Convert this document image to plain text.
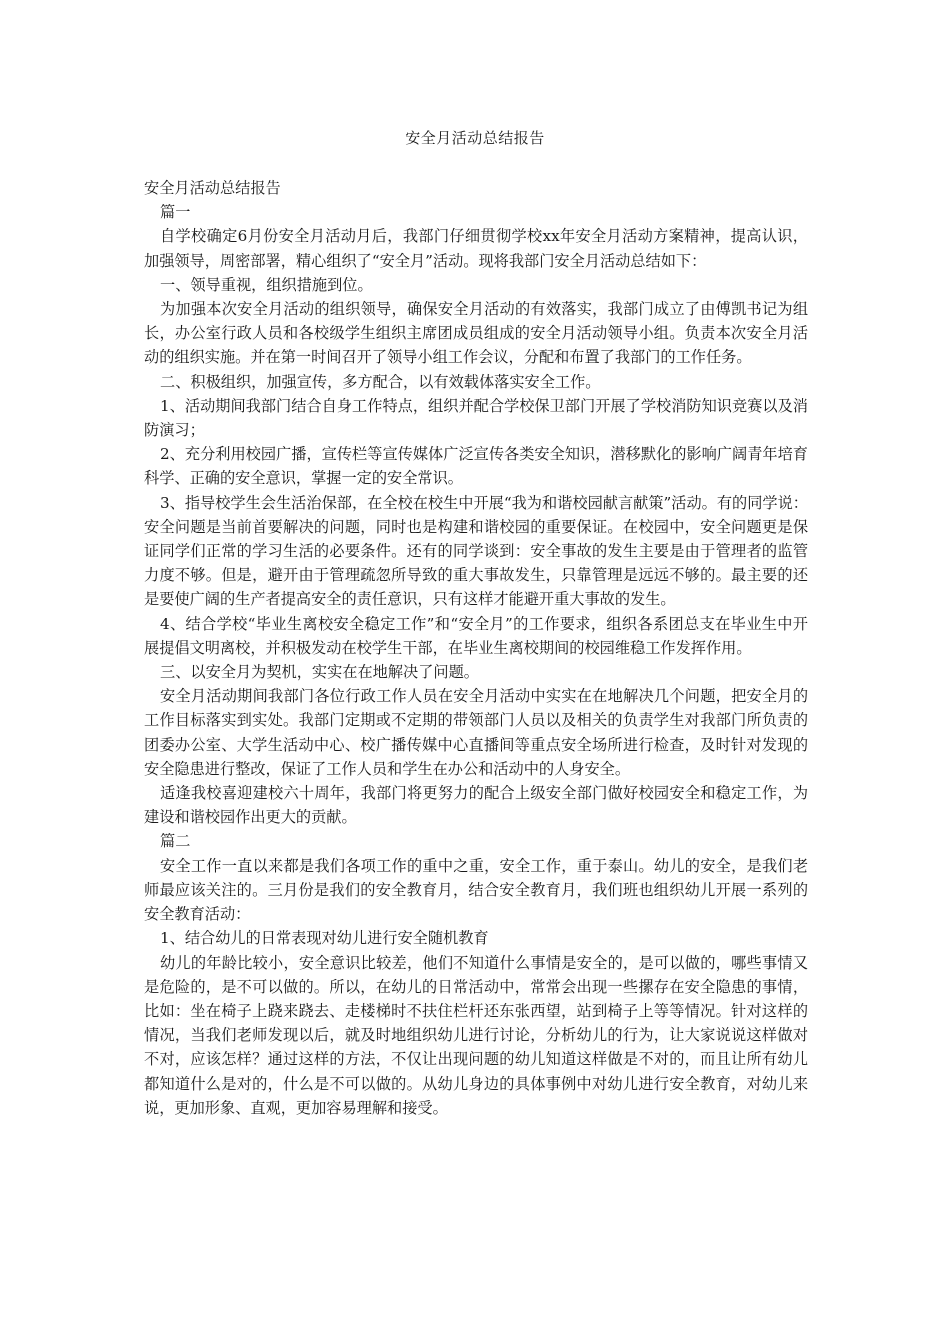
安全月活动总结报告

安全月活动总结报告

篇一

自学校确定6月份安全月活动月后，我部门仔细贯彻学校xx年安全月活动方案精神，提高认识，加强领导，周密部署，精心组织了“安全月”活动。现将我部门安全月活动总结如下：

一、领导重视，组织措施到位。

为加强本次安全月活动的组织领导，确保安全月活动的有效落实，我部门成立了由傅凯书记为组长，办公室行政人员和各校级学生组织主席团成员组成的安全月活动领导小组。负责本次安全月活动的组织实施。并在第一时间召开了领导小组工作会议，分配和布置了我部门的工作任务。

二、积极组织，加强宣传，多方配合，以有效载体落实安全工作。

1、活动期间我部门结合自身工作特点，组织并配合学校保卫部门开展了学校消防知识竞赛以及消防演习；

2、充分利用校园广播，宣传栏等宣传媒体广泛宣传各类安全知识，潜移默化的影响广阔青年培育科学、正确的安全意识，掌握一定的安全常识。

3、指导校学生会生活治保部，在全校在校生中开展“我为和谐校园献言献策”活动。有的同学说：安全问题是当前首要解决的问题，同时也是构建和谐校园的重要保证。在校园中，安全问题更是保证同学们正常的学习生活的必要条件。还有的同学谈到：安全事故的发生主要是由于管理者的监管力度不够。但是，避开由于管理疏忽所导致的重大事故发生，只靠管理是远远不够的。最主要的还是要使广阔的生产者提高安全的责任意识，只有这样才能避开重大事故的发生。

4、结合学校“毕业生离校安全稳定工作”和“安全月”的工作要求，组织各系团总支在毕业生中开展提倡文明离校，并积极发动在校学生干部，在毕业生离校期间的校园维稳工作发挥作用。

三、以安全月为契机，实实在在地解决了问题。

安全月活动期间我部门各位行政工作人员在安全月活动中实实在在地解决几个问题，把安全月的工作目标落实到实处。我部门定期或不定期的带领部门人员以及相关的负责学生对我部门所负责的团委办公室、大学生活动中心、校广播传媒中心直播间等重点安全场所进行检查，及时针对发现的安全隐患进行整改，保证了工作人员和学生在办公和活动中的人身安全。

适逢我校喜迎建校六十周年，我部门将更努力的配合上级安全部门做好校园安全和稳定工作，为建设和谐校园作出更大的贡献。

篇二

安全工作一直以来都是我们各项工作的重中之重，安全工作，重于泰山。幼儿的安全，是我们老师最应该关注的。三月份是我们的安全教育月，结合安全教育月，我们班也组织幼儿开展一系列的安全教育活动：

1、结合幼儿的日常表现对幼儿进行安全随机教育

幼儿的年龄比较小，安全意识比较差，他们不知道什么事情是安全的，是可以做的，哪些事情又是危险的，是不可以做的。所以，在幼儿的日常活动中，常常会出现一些摞存在安全隐患的事情，比如：坐在椅子上跷来跷去、走楼梯时不扶住栏杆还东张西望，站到椅子上等等情况。针对这样的情况，当我们老师发现以后，就及时地组织幼儿进行讨论，分析幼儿的行为，让大家说说这样做对不对，应该怎样？通过这样的方法，不仅让出现问题的幼儿知道这样做是不对的，而且让所有幼儿都知道什么是对的，什么是不可以做的。从幼儿身边的具体事例中对幼儿进行安全教育，对幼儿来说，更加形象、直观，更加容易理解和接受。
